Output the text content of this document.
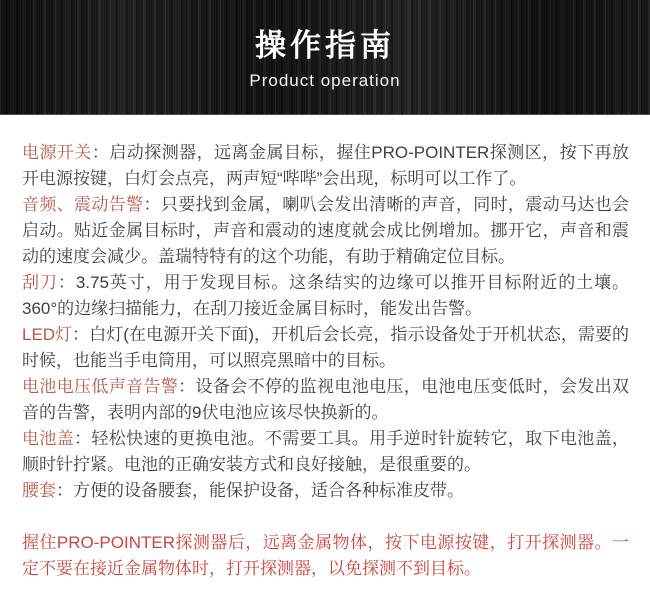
操作指南
Product operation

电源开关：启动探测器，远离金属目标，握住PRO-POINTER探测区，按下再放开电源按键，白灯会点亮，两声短“哔哔”会出现，标明可以工作了。

音频、震动告警：只要找到金属，喇叭会发出清晰的声音，同时，震动马达也会启动。贴近金属目标时，声音和震动的速度就会成比例增加。挪开它，声音和震动的速度会减少。盖瑞特特有的这个功能，有助于精确定位目标。

刮刀：3.75英寸，用于发现目标。这条结实的边缘可以推开目标附近的土壤。360°的边缘扫描能力，在刮刀接近金属目标时，能发出告警。

LED灯：白灯(在电源开关下面)，开机后会长亮，指示设备处于开机状态，需要的时候，也能当手电筒用，可以照亮黑暗中的目标。

电池电压低声音告警：设备会不停的监视电池电压，电池电压变低时，会发出双音的告警，表明内部的9伏电池应该尽快换新的。

电池盖：轻松快速的更换电池。不需要工具。用手逆时针旋转它，取下电池盖，顺时针拧紧。电池的正确安装方式和良好接触，是很重要的。

腰套：方便的设备腰套，能保护设备，适合各种标准皮带。

握住PRO-POINTER探测器后，远离金属物体，按下电源按键，打开探测器。一定不要在接近金属物体时，打开探测器，以免探测不到目标。
